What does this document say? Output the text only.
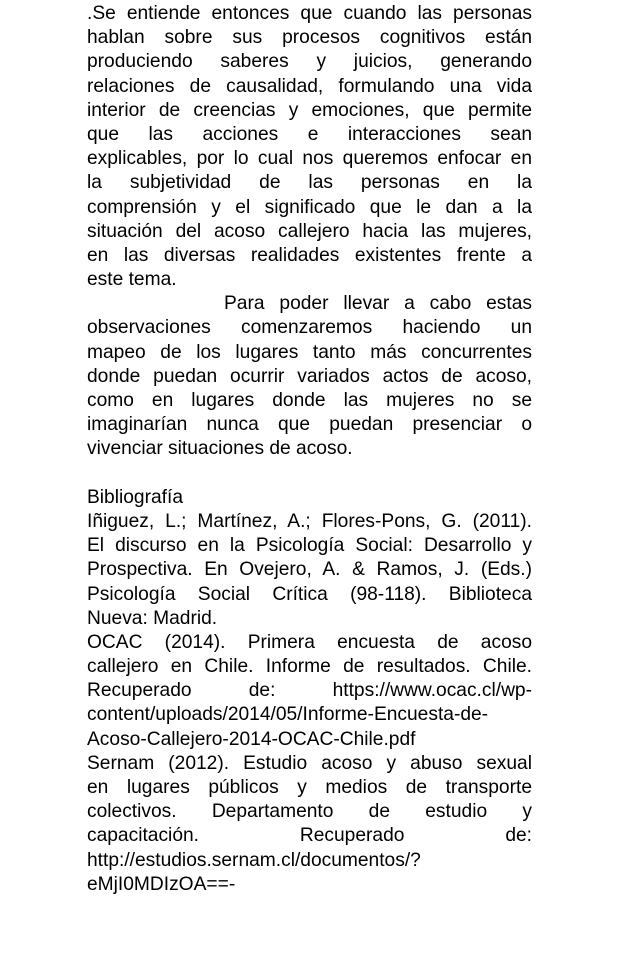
.Se entiende entonces que cuando las personas
hablan sobre sus procesos cognitivos están
produciendo saberes y juicios, generando
relaciones de causalidad, formulando una vida
interior de creencias y emociones, que permite
que las acciones e interacciones sean
explicables, por lo cual nos queremos enfocar en
la subjetividad de las personas en la
comprensión y el significado que le dan a la
situación del acoso callejero hacia las mujeres,
en las diversas realidades existentes frente a
este tema.
Para poder llevar a cabo estas
observaciones comenzaremos haciendo un
mapeo de los lugares tanto más concurrentes
donde puedan ocurrir variados actos de acoso,
como en lugares donde las mujeres no se
imaginarían nunca que puedan presenciar o
vivenciar situaciones de acoso.
Bibliografía
Iñiguez, L.; Martínez, A.; Flores-Pons, G. (2011).
El discurso en la Psicología Social: Desarrollo y
Prospectiva. En Ovejero, A. & Ramos, J. (Eds.)
Psicología Social Crítica (98-118). Biblioteca
Nueva: Madrid.
OCAC (2014). Primera encuesta de acoso
callejero en Chile. Informe de resultados. Chile.
Recuperado de: https://www.ocac.cl/wp-
content/uploads/2014/05/Informe-Encuesta-de-
Acoso-Callejero-2014-OCAC-Chile.pdf
Sernam (2012). Estudio acoso y abuso sexual
en lugares públicos y medios de transporte
colectivos. Departamento de estudio y
capacitación. Recuperado de:
http://estudios.sernam.cl/documentos/?
eMjI0MDIzOA==-
